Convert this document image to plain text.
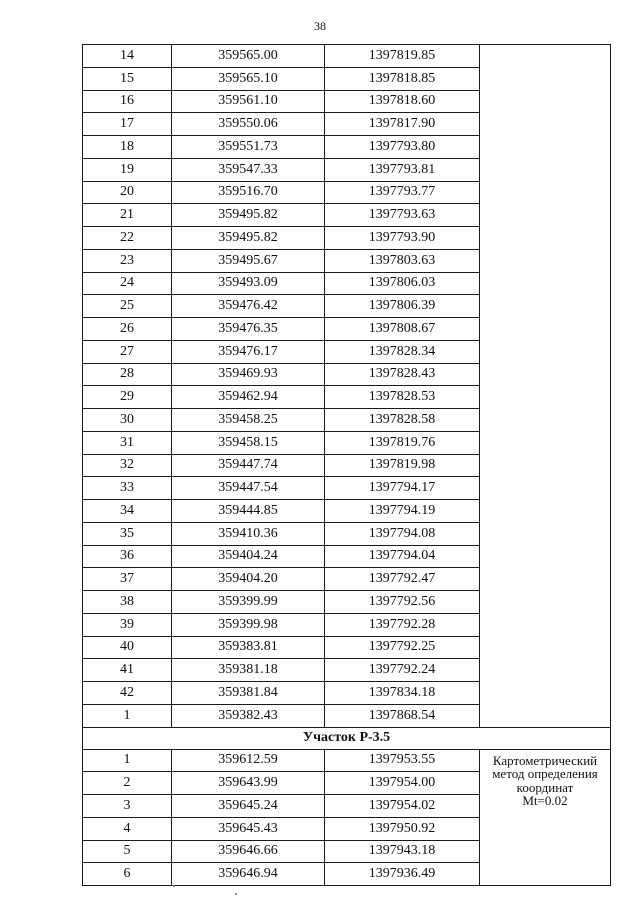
38
14	359565.00	1397819.85	
15	359565.10	1397818.85	
16	359561.10	1397818.60	
17	359550.06	1397817.90	
18	359551.73	1397793.80	
19	359547.33	1397793.81	
20	359516.70	1397793.77	
21	359495.82	1397793.63	
22	359495.82	1397793.90	
23	359495.67	1397803.63	
24	359493.09	1397806.03	
25	359476.42	1397806.39	
26	359476.35	1397808.67	
27	359476.17	1397828.34	
28	359469.93	1397828.43	
29	359462.94	1397828.53	
30	359458.25	1397828.58	
31	359458.15	1397819.76	
32	359447.74	1397819.98	
33	359447.54	1397794.17	
34	359444.85	1397794.19	
35	359410.36	1397794.08	
36	359404.24	1397794.04	
37	359404.20	1397792.47	
38	359399.99	1397792.56	
39	359399.98	1397792.28	
40	359383.81	1397792.25	
41	359381.18	1397792.24	
42	359381.84	1397834.18	
1	359382.43	1397868.54	
Участок Р-3.5			
1	359612.59	1397953.55	Картометрический
метод определения
координат
Mt=0.02

2	359643.99	1397954.00	
3	359645.24	1397954.02	
4	359645.43	1397950.92	
5	359646.66	1397943.18	
6	359646.94	1397936.49	
